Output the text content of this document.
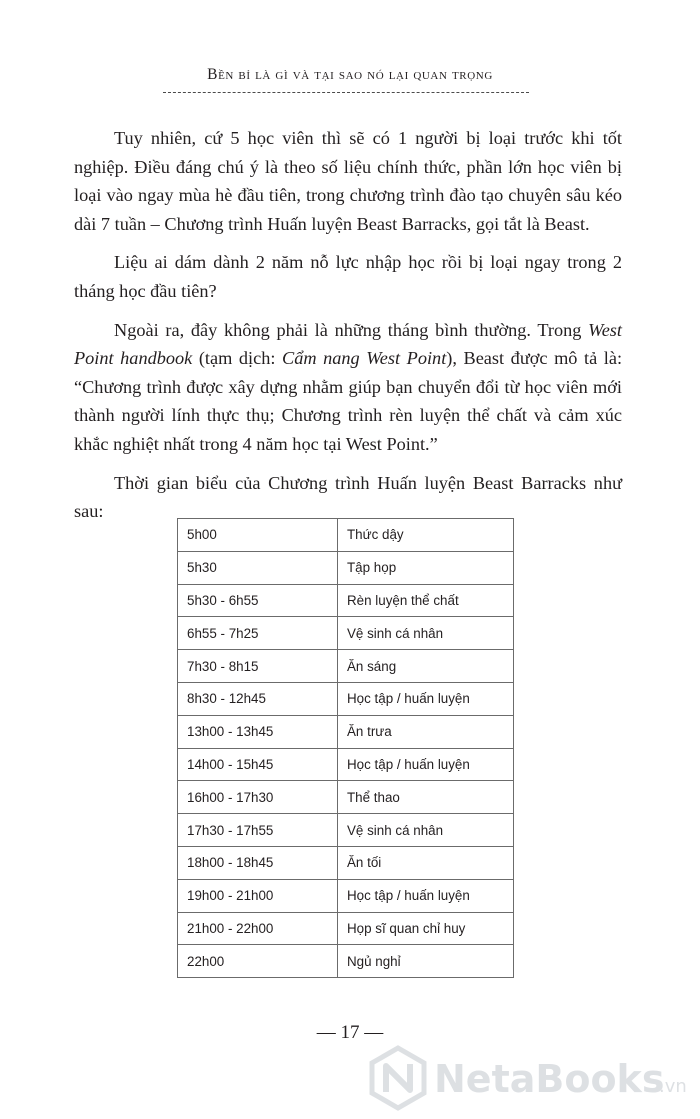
Bền bỉ là gì và tại sao nó lại quan trọng

Tuy nhiên, cứ 5 học viên thì sẽ có 1 người bị loại trước khi tốt nghiệp. Điều đáng chú ý là theo số liệu chính thức, phần lớn học viên bị loại vào ngay mùa hè đầu tiên, trong chương trình đào tạo chuyên sâu kéo dài 7 tuần – Chương trình Huấn luyện Beast Barracks, gọi tắt là Beast.

Liệu ai dám dành 2 năm nỗ lực nhập học rồi bị loại ngay trong 2 tháng học đầu tiên?

Ngoài ra, đây không phải là những tháng bình thường. Trong West Point handbook (tạm dịch: Cẩm nang West Point), Beast được mô tả là: “Chương trình được xây dựng nhằm giúp bạn chuyển đổi từ học viên mới thành người lính thực thụ; Chương trình rèn luyện thể chất và cảm xúc khắc nghiệt nhất trong 4 năm học tại West Point.”

Thời gian biểu của Chương trình Huấn luyện Beast Barracks như sau:

5h00	Thức dậy
5h30	Tập họp
5h30 - 6h55	Rèn luyện thể chất
6h55 - 7h25	Vệ sinh cá nhân
7h30 - 8h15	Ăn sáng
8h30 - 12h45	Học tập / huấn luyện
13h00 - 13h45	Ăn trưa
14h00 - 15h45	Học tập / huấn luyện
16h00 - 17h30	Thể thao
17h30 - 17h55	Vệ sinh cá nhân
18h00 - 18h45	Ăn tối
19h00 - 21h00	Học tập / huấn luyện
21h00 - 22h00	Họp sĩ quan chỉ huy
22h00	Ngủ nghỉ
— 17 —
NetaBooks
.vn
